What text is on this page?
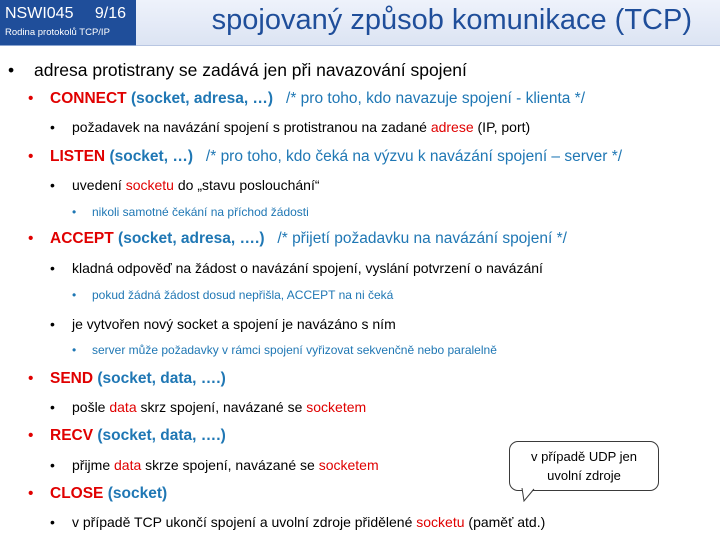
NSWI045 9/16
Rodina protokolů TCP/IP	spojovaný způsob komunikace (TCP)
• adresa protistrany se zadává jen při navazování spojení
• CONNECT (socket, adresa, …) /* pro toho, kdo navazuje spojení - klienta */
• požadavek na navázání spojení s protistranou na zadané adrese (IP, port)
• LISTEN (socket, …) /* pro toho, kdo čeká na výzvu k navázání spojení – server */
• uvedení socketu do „stavu poslouchání“
• nikoli samotné čekání na příchod žádosti
• ACCEPT (socket, adresa, ….) /* přijetí požadavku na navázání spojení */
• kladná odpověď na žádost o navázání spojení, vyslání potvrzení o navázání
• pokud žádná žádost dosud nepřišla, ACCEPT na ni čeká
• je vytvořen nový socket a spojení je navázáno s ním
• server může požadavky v rámci spojení vyřizovat sekvenčně nebo paralelně
• SEND (socket, data, ….)
• pošle data skrz spojení, navázané se socketem
• RECV (socket, data, ….)
• přijme data skrze spojení, navázané se socketem
• CLOSE (socket)
• v případě TCP ukončí spojení a uvolní zdroje přidělené socketu (paměť atd.)
v případě UDP jen
uvolní zdroje
